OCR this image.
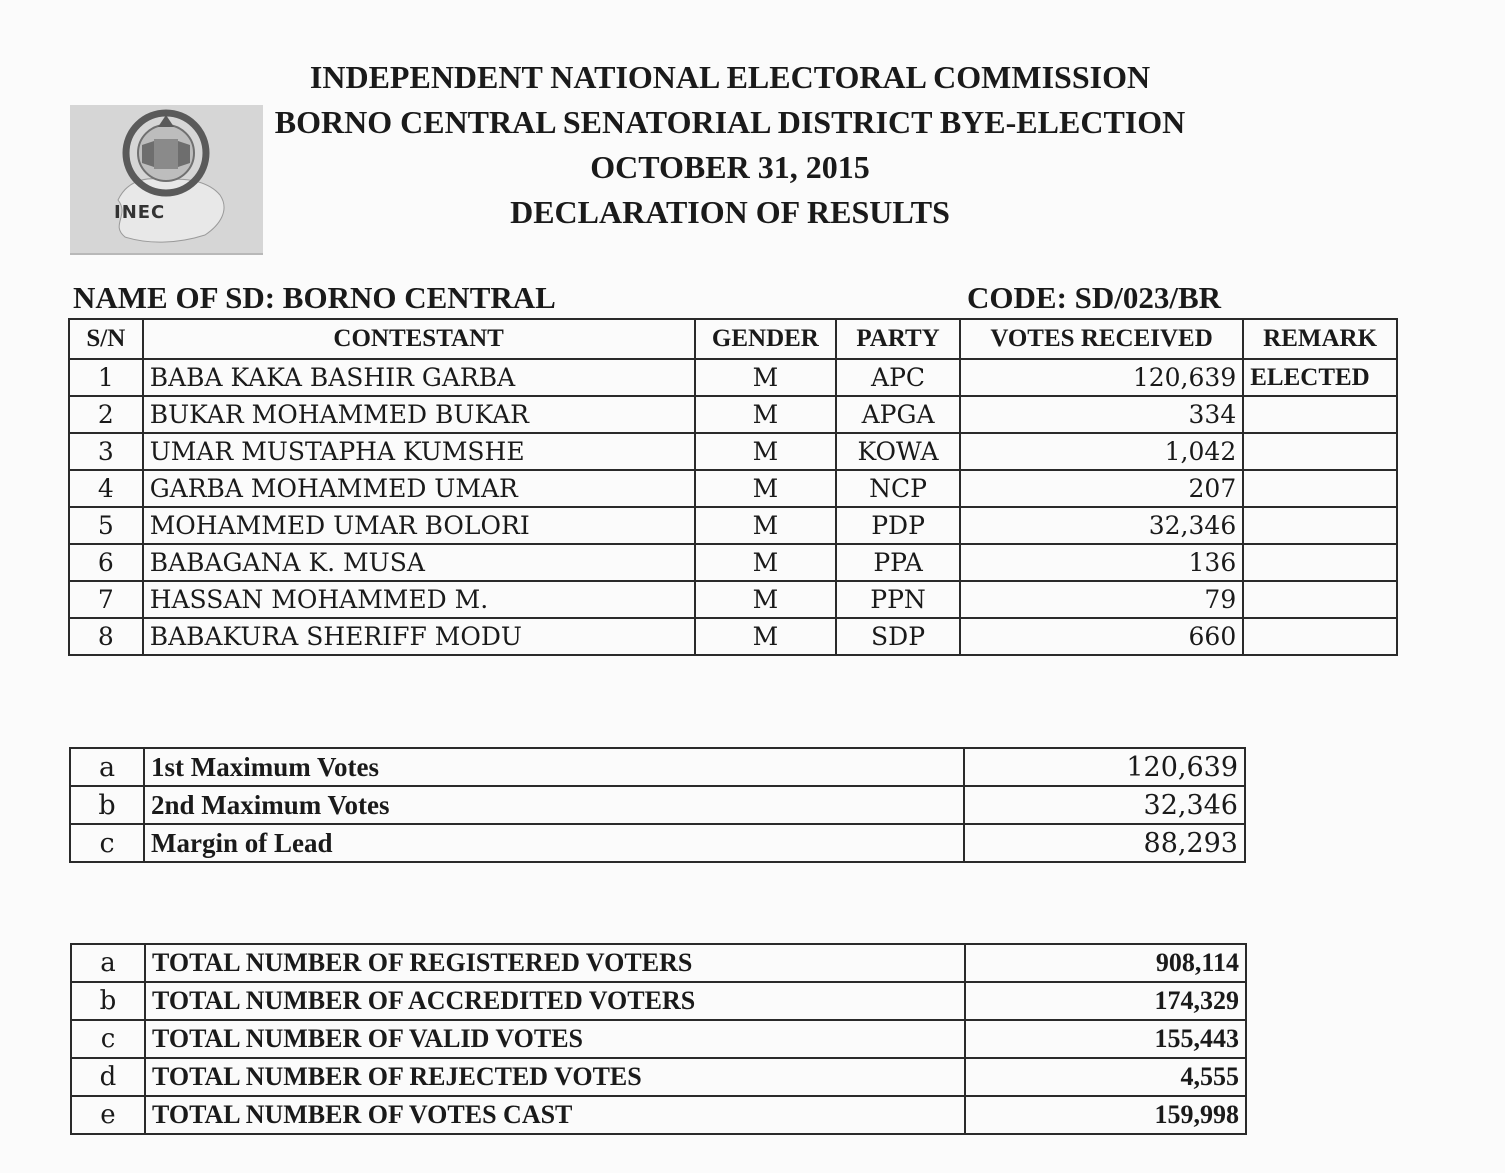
INEC
INDEPENDENT NATIONAL ELECTORAL COMMISSION
BORNO CENTRAL SENATORIAL DISTRICT BYE-ELECTION
OCTOBER 31, 2015
DECLARATION OF RESULTS
NAME OF SD: BORNO CENTRAL	CODE: SD/023/BR
S/N	CONTESTANT	GENDER	PARTY	VOTES RECEIVED	REMARK
1	BABA KAKA BASHIR GARBA	M	APC	120,639	ELECTED
2	BUKAR MOHAMMED BUKAR	M	APGA	334	
3	UMAR MUSTAPHA KUMSHE	M	KOWA	1,042	
4	GARBA MOHAMMED UMAR	M	NCP	207	
5	MOHAMMED UMAR BOLORI	M	PDP	32,346	
6	BABAGANA K. MUSA	M	PPA	136	
7	HASSAN MOHAMMED M.	M	PPN	79	
8	BABAKURA SHERIFF MODU	M	SDP	660	
a	1st Maximum Votes	120,639
b	2nd Maximum Votes	32,346
c	Margin of Lead	88,293
a	TOTAL NUMBER OF REGISTERED VOTERS	908,114
b	TOTAL NUMBER OF ACCREDITED VOTERS	174,329
c	TOTAL NUMBER OF VALID VOTES	155,443
d	TOTAL NUMBER OF REJECTED VOTES	4,555
e	TOTAL NUMBER OF VOTES CAST	159,998
